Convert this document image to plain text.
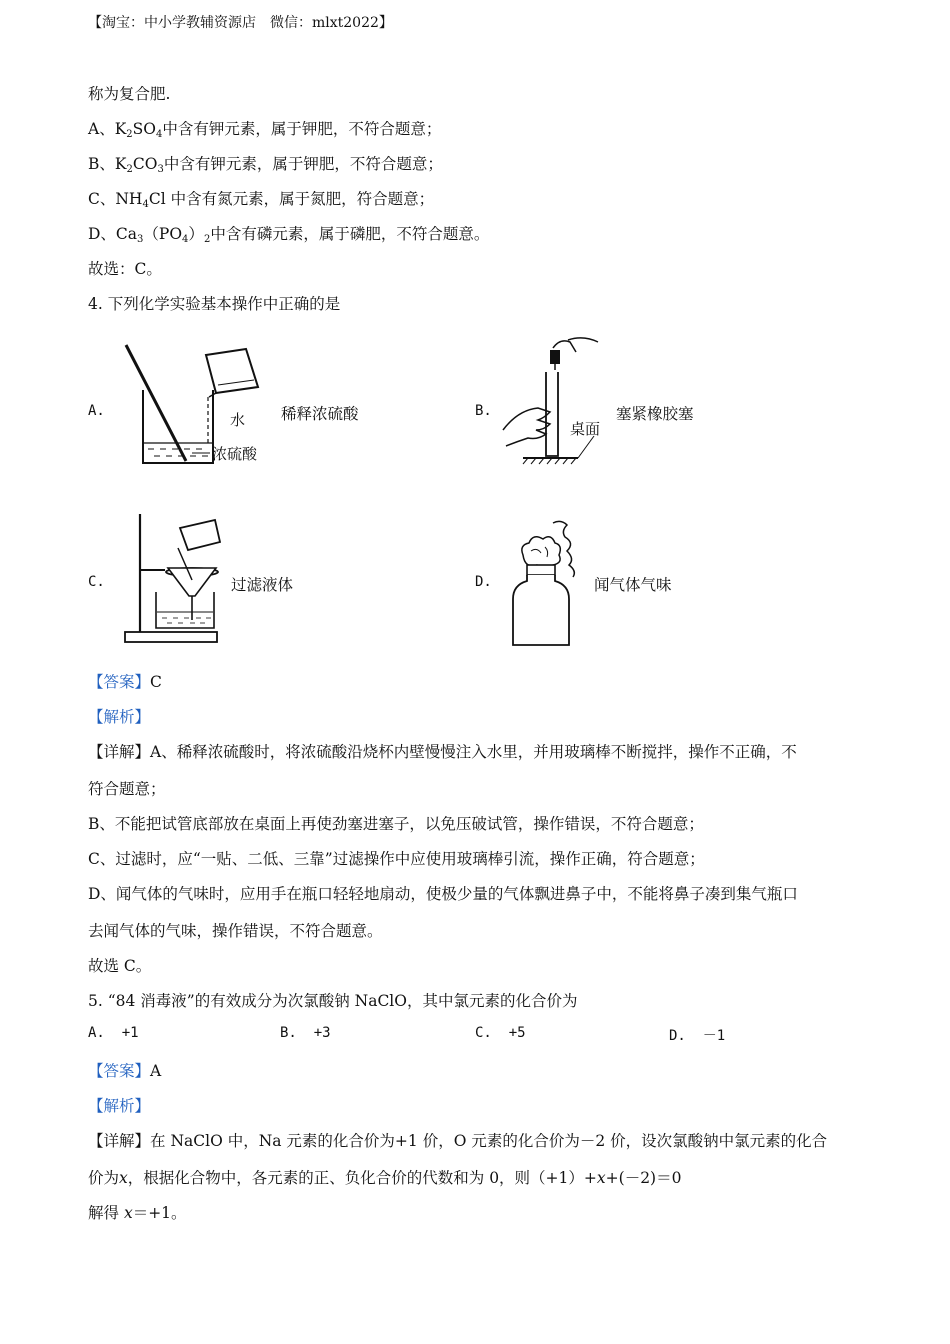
【淘宝：中小学教辅资源店　微信：mlxt2022】
称为复合肥.
A、$K_2SO_4$中含有钾元素，属于钾肥，不符合题意；
B、$K_2CO_3$中含有钾元素，属于钾肥，不符合题意；
C、$NH_4Cl$ 中含有氮元素，属于氮肥，符合题意；
D、$Ca_3(PO_4)_2$中含有磷元素，属于磷肥，不符合题意。
故选：C。
4. 下列化学实验基本操作中正确的是
A.	水
浓硫酸
稀释浓硫酸	B.
桌面
塞紧橡胶塞
C.	过滤液体	D.	闻气体气味
【答案】C
【解析】
【详解】A、稀释浓硫酸时，将浓硫酸沿烧杯内壁慢慢注入水里，并用玻璃棒不断搅拌，操作不正确，不
符合题意；
B、不能把试管底部放在桌面上再使劲塞进塞子，以免压破试管，操作错误，不符合题意；
C、过滤时，应“一贴、二低、三靠”过滤操作中应使用玻璃棒引流，操作正确，符合题意；
D、闻气体的气味时，应用手在瓶口轻轻地扇动，使极少量的气体飘进鼻子中，不能将鼻子凑到集气瓶口
去闻气体的气味，操作错误，不符合题意。
故选 C。
5. “84 消毒液”的有效成分为次氯酸钠 NaClO，其中氯元素的化合价为
A. +1	B. +3	C. +5	D. －1
【答案】A
【解析】
【详解】在 NaClO 中，Na 元素的化合价为+1 价，O 元素的化合价为－2 价，设次氯酸钠中氯元素的化合
价为x，根据化合物中，各元素的正、负化合价的代数和为 0，则（+1）+x+(－2)＝0
解得 x＝+1。
